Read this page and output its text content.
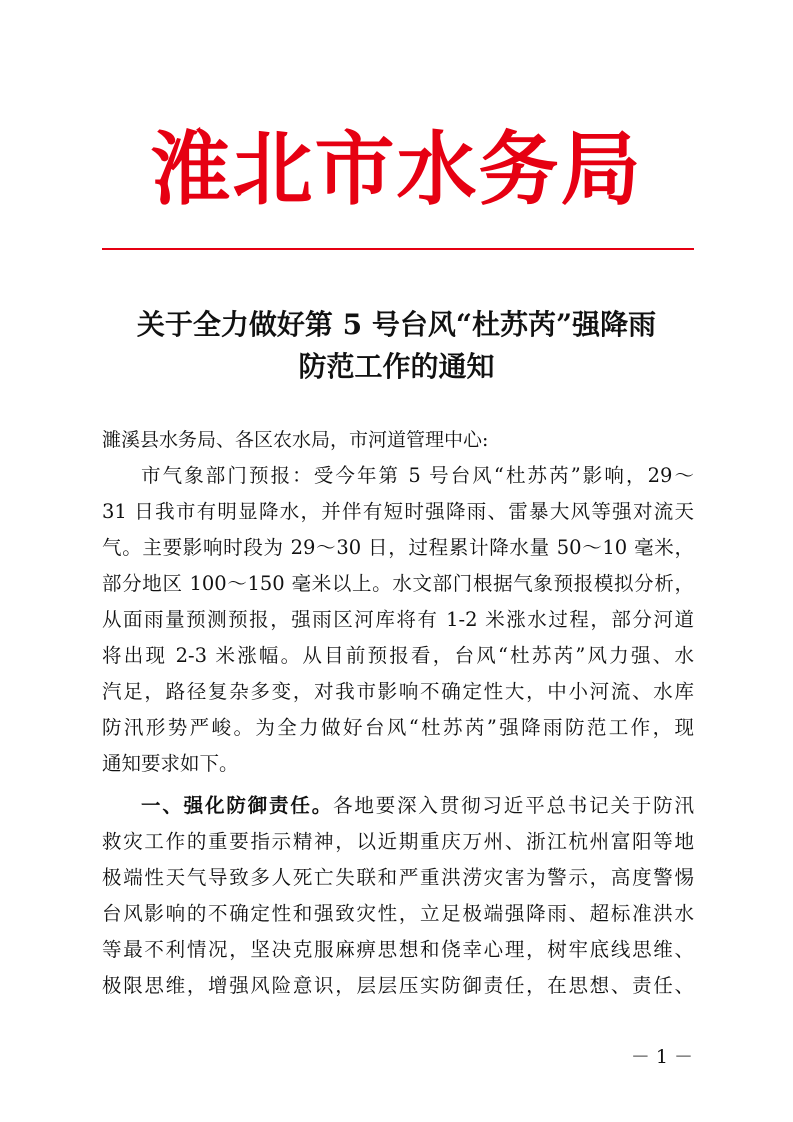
淮北市水务局
关于全力做好第 5 号台风“杜苏芮”强降雨
防范工作的通知
濉溪县水务局、各区农水局，市河道管理中心:
市气象部门预报：受今年第 5 号台风“杜苏芮”影响，29～
31 日我市有明显降水，并伴有短时强降雨、雷暴大风等强对流天
气。主要影响时段为 29～30 日，过程累计降水量 50～10 毫米，
部分地区 100～150 毫米以上。水文部门根据气象预报模拟分析，
从面雨量预测预报，强雨区河库将有 1-2 米涨水过程，部分河道
将出现 2-3 米涨幅。从目前预报看，台风“杜苏芮”风力强、水
汽足，路径复杂多变，对我市影响不确定性大，中小河流、水库
防汛形势严峻。为全力做好台风“杜苏芮”强降雨防范工作，现
通知要求如下。
一、强化防御责任。各地要深入贯彻习近平总书记关于防汛
救灾工作的重要指示精神，以近期重庆万州、浙江杭州富阳等地
极端性天气导致多人死亡失联和严重洪涝灾害为警示，高度警惕
台风影响的不确定性和强致灾性，立足极端强降雨、超标准洪水
等最不利情况，坚决克服麻痹思想和侥幸心理，树牢底线思维、
极限思维，增强风险意识，层层压实防御责任，在思想、责任、
－ 1 －
